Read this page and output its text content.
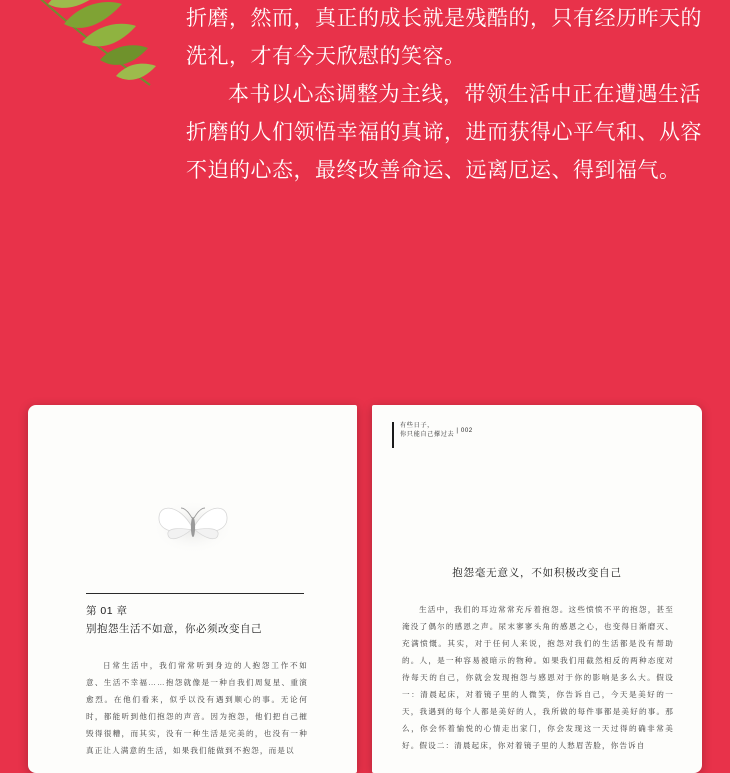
折磨，然而，真正的成长就是残酷的，只有经历昨天的洗礼，才有今天欣慰的笑容。

本书以心态调整为主线，带领生活中正在遭遇生活折磨的人们领悟幸福的真谛，进而获得心平气和、从容不迫的心态，最终改善命运、远离厄运、得到福气。

第 01 章
别抱怨生活不如意，你必须改变自己

日常生活中，我们常常听到身边的人抱怨工作不如意、生活不幸福……抱怨就像是一种自我们周复星、重演愈烈。在他们看来，似乎以没有遇到顺心的事。无论何时，都能听到他们抱怨的声音。因为抱怨，他们把自己摧毁得很糟，而其实，没有一种生活是完美的，也没有一种真正让人满意的生活，如果我们能做到不抱怨，而是以

有些日子，
你只能自己撑过去
| 002
抱怨毫无意义，不如积极改变自己

生活中，我们的耳边常常充斥着抱怨。这些愤愤不平的抱怨，甚至淹没了偶尔的感恩之声。尿末寥寥头角的感恩之心，也变得日渐磨灭、充满愤慨。其实，对于任何人来说，抱怨对我们的生活都是没有帮助的。人，是一种容易被暗示的物种。如果我们用截然相反的两种态度对待每天的自己，你就会发现抱怨与感恩对于你的影响是多么大。假设一：清晨起床，对着镜子里的人微笑，你告诉自己，今天是美好的一天，我遇到的每个人都是美好的人，我所做的每件事都是美好的事。那么，你会怀着愉悦的心情走出家门，你会发现这一天过得的确非常美好。假设二：清晨起床，你对着镜子里的人愁眉苦脸，你告诉自
